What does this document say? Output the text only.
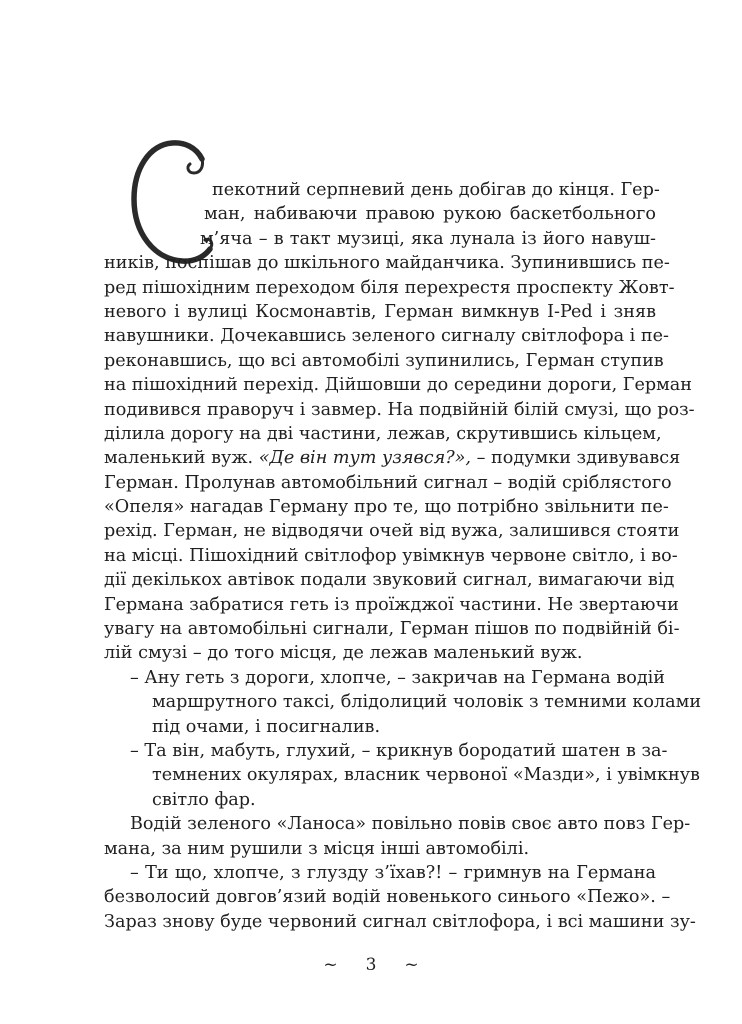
пекотний серпневий день добігав до кінця. Гер-
ман, набиваючи правою рукою баскетбольного
м’яча – в такт музиці, яка лунала із його навуш-
ників, поспішав до шкільного майданчика. Зупинившись пе-
ред пішохідним переходом біля перехрестя проспекту Жовт-
невого і вулиці Космонавтів, Герман вимкнув І-Ped і зняв
навушники. Дочекавшись зеленого сигналу світлофора і пе-
реконавшись, що всі автомобілі зупинились, Герман ступив
на пішохідний перехід. Дійшовши до середини дороги, Герман
подивився праворуч і завмер. На подвійній білій смузі, що роз-
ділила дорогу на дві частини, лежав, скрутившись кільцем,
маленький вуж. «Де він тут узявся?», – подумки здивувався
Герман. Пролунав автомобільний сигнал – водій сріблястого
«Опеля» нагадав Герману про те, що потрібно звільнити пе-
рехід. Герман, не відводячи очей від вужа, залишився стояти
на місці. Пішохідний світлофор увімкнув червоне світло, і во-
дії декількох автівок подали звуковий сигнал, вимагаючи від
Германа забратися геть із проїжджої частини. Не звертаючи
увагу на автомобільні сигнали, Герман пішов по подвійній бі-
лій смузі – до того місця, де лежав маленький вуж.
– Ану геть з дороги, хлопче, – закричав на Германа водій
маршрутного таксі, блідолиций чоловік з темними колами
під очами, і посигналив.
– Та він, мабуть, глухий, – крикнув бородатий шатен в за-
темнених окулярах, власник червоної «Мазди», і увімкнув
світло фар.
Водій зеленого «Ланоса» повільно повів своє авто повз Гер-
мана, за ним рушили з місця інші автомобілі.
– Ти що, хлопче, з глузду з’їхав?! – гримнув на Германа
безволосий довгов’язий водій новенького синього «Пежо». –
Зараз знову буде червоний сигнал світлофора, і всі машини зу-
~ 3 ~
